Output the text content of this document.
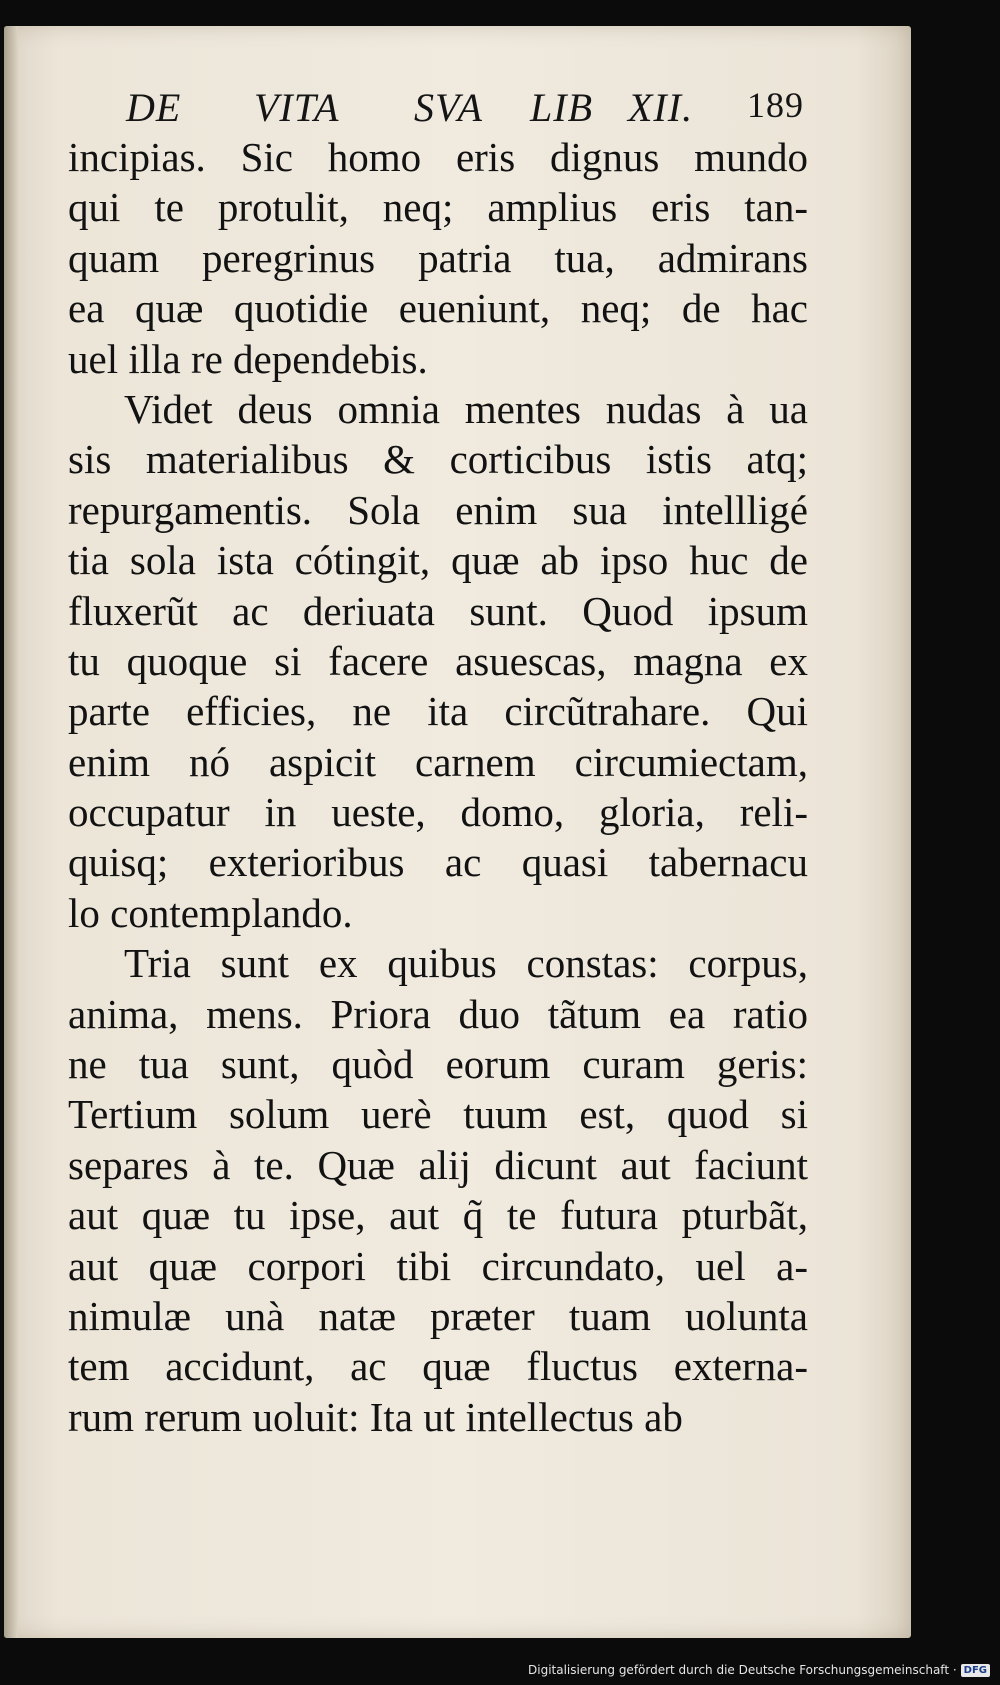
DE VITA SVA LIB XII. 189
incipias. Sic homo eris dignus mundo
qui te protulit, neq; amplius eris tan-
quam peregrinus patria tua, admirans
ea quæ quotidie eueniunt, neq; de hac
uel illa re dependebis.
Videt deus omnia mentes nudas à ua
sis materialibus & corticibus istis atq;
repurgamentis. Sola enim sua intellligé
tia sola ista cótingit, quæ ab ipso huc de
fluxerũt ac deriuata sunt. Quod ipsum
tu quoque si facere asuescas, magna ex
parte efficies, ne ita circũtrahare. Qui
enim nó aspicit carnem circumiectam,
occupatur in ueste, domo, gloria, reli-
quisq; exterioribus ac quasi tabernacu
lo contemplando.
Tria sunt ex quibus constas: corpus,
anima, mens. Priora duo tãtum ea ratio
ne tua sunt, quòd eorum curam geris:
Tertium solum uerè tuum est, quod si
separes à te. Quæ alij dicunt aut faciunt
aut quæ tu ipse, aut q̃ te futura pturbãt,
aut quæ corpori tibi circundato, uel a-
nimulæ unà natæ præter tuam uolunta
tem accidunt, ac quæ fluctus externa-
rum rerum uoluit: Ita ut intellectus ab
Digitalisierung gefördert durch die Deutsche Forschungsgemeinschaft · DFG
